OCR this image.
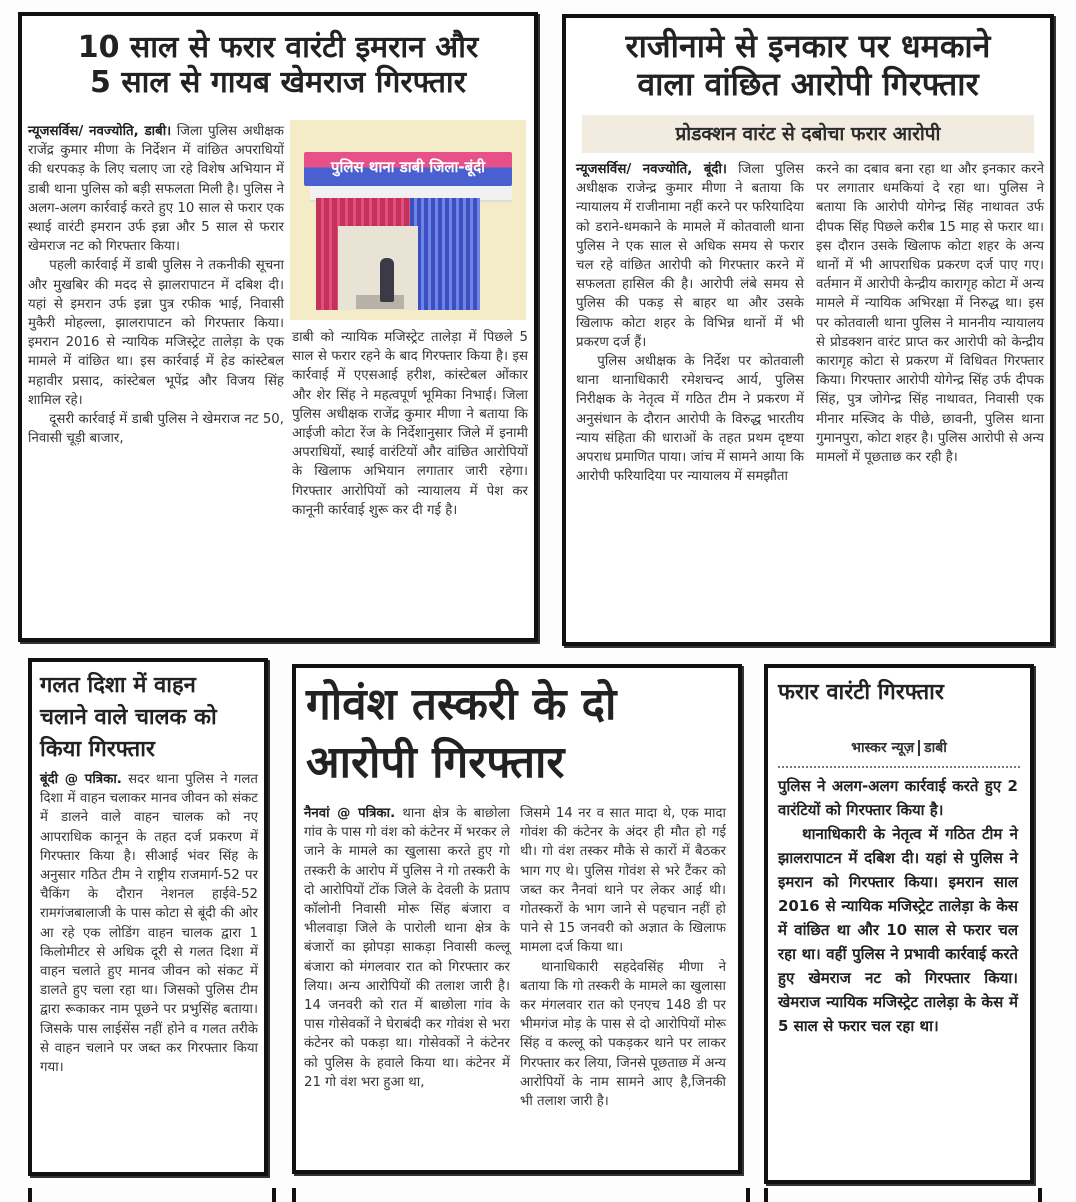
10 साल से फरार वारंटी इमरान और

5 साल से गायब खेमराज गिरफ्तार

न्यूजसर्विस/ नवज्योति, डाबी। जिला पुलिस अधीक्षक राजेंद्र कुमार मीणा के निर्देशन में वांछित अपराधियों की धरपकड़ के लिए चलाए जा रहे विशेष अभियान में डाबी थाना पुलिस को बड़ी सफलता मिली है। पुलिस ने अलग-अलग कार्रवाई करते हुए 10 साल से फरार एक स्थाई वारंटी इमरान उर्फ इन्ना और 5 साल से फरार खेमराज नट को गिरफ्तार किया।

पहली कार्रवाई में डाबी पुलिस ने तकनीकी सूचना और मुखबिर की मदद से झालरापाटन में दबिश दी। यहां से इमरान उर्फ इन्ना पुत्र रफीक भाई, निवासी मुकैरी मोहल्ला, झालरापाटन को गिरफ्तार किया। इमरान 2016 से न्यायिक मजिस्ट्रेट तालेड़ा के एक मामले में वांछित था। इस कार्रवाई में हेड कांस्टेबल महावीर प्रसाद, कांस्टेबल भूपेंद्र और विजय सिंह शामिल रहे।

दूसरी कार्रवाई में डाबी पुलिस ने खेमराज नट 50, निवासी चूड़ी बाजार,

पुलिस थाना डाबी जिला-बूंदी

डाबी को न्यायिक मजिस्ट्रेट तालेड़ा में पिछले 5 साल से फरार रहने के बाद गिरफ्तार किया है। इस कार्रवाई में एएसआई हरीश, कांस्टेबल ओंकार और शेर सिंह ने महत्वपूर्ण भूमिका निभाई। जिला पुलिस अधीक्षक राजेंद्र कुमार मीणा ने बताया कि आईजी कोटा रेंज के निर्देशानुसार जिले में इनामी अपराधियों, स्थाई वारंटियों और वांछित आरोपियों के खिलाफ अभियान लगातार जारी रहेगा। गिरफ्तार आरोपियों को न्यायालय में पेश कर कानूनी कार्रवाई शुरू कर दी गई है।

राजीनामे से इनकार पर धमकाने

वाला वांछित आरोपी गिरफ्तार

प्रोडक्शन वारंट से दबोचा फरार आरोपी

न्यूजसर्विस/ नवज्योति, बूंदी। जिला पुलिस अधीक्षक राजेन्द्र कुमार मीणा ने बताया कि न्यायालय में राजीनामा नहीं करने पर फरियादिया को डराने-धमकाने के मामले में कोतवाली थाना पुलिस ने एक साल से अधिक समय से फरार चल रहे वांछित आरोपी को गिरफ्तार करने में सफलता हासिल की है। आरोपी लंबे समय से पुलिस की पकड़ से बाहर था और उसके खिलाफ कोटा शहर के विभिन्न थानों में भी प्रकरण दर्ज हैं।

पुलिस अधीक्षक के निर्देश पर कोतवाली थाना थानाधिकारी रमेशचन्द आर्य, पुलिस निरीक्षक के नेतृत्व में गठित टीम ने प्रकरण में अनुसंधान के दौरान आरोपी के विरुद्ध भारतीय न्याय संहिता की धाराओं के तहत प्रथम दृष्टया अपराध प्रमाणित पाया। जांच में सामने आया कि आरोपी फरियादिया पर न्यायालय में समझौता

करने का दबाव बना रहा था और इनकार करने पर लगातार धमकियां दे रहा था। पुलिस ने बताया कि आरोपी योगेन्द्र सिंह नाथावत उर्फ दीपक सिंह पिछले करीब 15 माह से फरार था। इस दौरान उसके खिलाफ कोटा शहर के अन्य थानों में भी आपराधिक प्रकरण दर्ज पाए गए। वर्तमान में आरोपी केन्द्रीय कारागृह कोटा में अन्य मामले में न्यायिक अभिरक्षा में निरुद्ध था। इस पर कोतवाली थाना पुलिस ने माननीय न्यायालय से प्रोडक्शन वारंट प्राप्त कर आरोपी को केन्द्रीय कारागृह कोटा से प्रकरण में विधिवत गिरफ्तार किया। गिरफ्तार आरोपी योगेन्द्र सिंह उर्फ दीपक सिंह, पुत्र जोगेन्द्र सिंह नाथावत, निवासी एक मीनार मस्जिद के पीछे, छावनी, पुलिस थाना गुमानपुरा, कोटा शहर है। पुलिस आरोपी से अन्य मामलों में पूछताछ कर रही है।

गलत दिशा में वाहन चलाने वाले चालक को किया गिरफ्तार

बूंदी @ पत्रिका. सदर थाना पुलिस ने गलत दिशा में वाहन चलाकर मानव जीवन को संकट में डालने वाले वाहन चालक को नए आपराधिक कानून के तहत दर्ज प्रकरण में गिरफ्तार किया है। सीआई भंवर सिंह के अनुसार गठित टीम ने राष्ट्रीय राजमार्ग-52 पर चैकिंग के दौरान नेशनल हाईवे-52 रामगंजबालाजी के पास कोटा से बूंदी की ओर आ रहे एक लोडिंग वाहन चालक द्वारा 1 किलोमीटर से अधिक दूरी से गलत दिशा में वाहन चलाते हुए मानव जीवन को संकट में डालते हुए चला रहा था। जिसको पुलिस टीम द्वारा रूकाकर नाम पूछने पर प्रभुसिंह बताया। जिसके पास लाईसेंस नहीं होने व गलत तरीके से वाहन चलाने पर जब्त कर गिरफ्तार किया गया।

गोवंश तस्करी के दो

आरोपी गिरफ्तार

नैनवां @ पत्रिका. थाना क्षेत्र के बाछोला गांव के पास गो वंश को कंटेनर में भरकर ले जाने के मामले का खुलासा करते हुए गो तस्करी के आरोप में पुलिस ने गो तस्करी के दो आरोपियों टोंक जिले के देवली के प्रताप कॉलोनी निवासी मोरू सिंह बंजारा व भीलवाड़ा जिले के पारोली थाना क्षेत्र के बंजारों का झोपड़ा साकड़ा निवासी कल्लू बंजारा को मंगलवार रात को गिरफ्तार कर लिया। अन्य आरोपियों की तलाश जारी है। 14 जनवरी को रात में बाछोला गांव के पास गोसेवकों ने घेराबंदी कर गोवंश से भरा कंटेनर को पकड़ा था। गोसेवकों ने कंटेनर को पुलिस के हवाले किया था। कंटेनर में 21 गो वंश भरा हुआ था,

जिसमे 14 नर व सात मादा थे, एक मादा गोवंश की कंटेनर के अंदर ही मौत हो गई थी। गो वंश तस्कर मौके से कारों में बैठकर भाग गए थे। पुलिस गोवंश से भरे टैंकर को जब्त कर नैनवां थाने पर लेकर आई थी। गोतस्करों के भाग जाने से पहचान नहीं हो पाने से 15 जनवरी को अज्ञात के खिलाफ मामला दर्ज किया था।

थानाधिकारी सहदेवसिंह मीणा ने बताया कि गो तस्करी के मामले का खुलासा कर मंगलवार रात को एनएच 148 डी पर भीमगंज मोड़ के पास से दो आरोपियों मोरू सिंह व कल्लू को पकड़कर थाने पर लाकर गिरफ्तार कर लिया, जिनसे पूछताछ में अन्य आरोपियों के नाम सामने आए है,जिनकी भी तलाश जारी है।

फरार वारंटी गिरफ्तार

भास्कर न्यूज़ डाबी

पुलिस ने अलग-अलग कार्रवाई करते हुए 2 वारंटियों को गिरफ्तार किया है।

थानाधिकारी के नेतृत्व में गठित टीम ने झालरापाटन में दबिश दी। यहां से पुलिस ने इमरान को गिरफ्तार किया। इमरान साल 2016 से न्यायिक मजिस्ट्रेट तालेड़ा के केस में वांछित था और 10 साल से फरार चल रहा था। वहीं पुलिस ने प्रभावी कार्रवाई करते हुए खेमराज नट को गिरफ्तार किया। खेमराज न्यायिक मजिस्ट्रेट तालेड़ा के केस में 5 साल से फरार चल रहा था।
